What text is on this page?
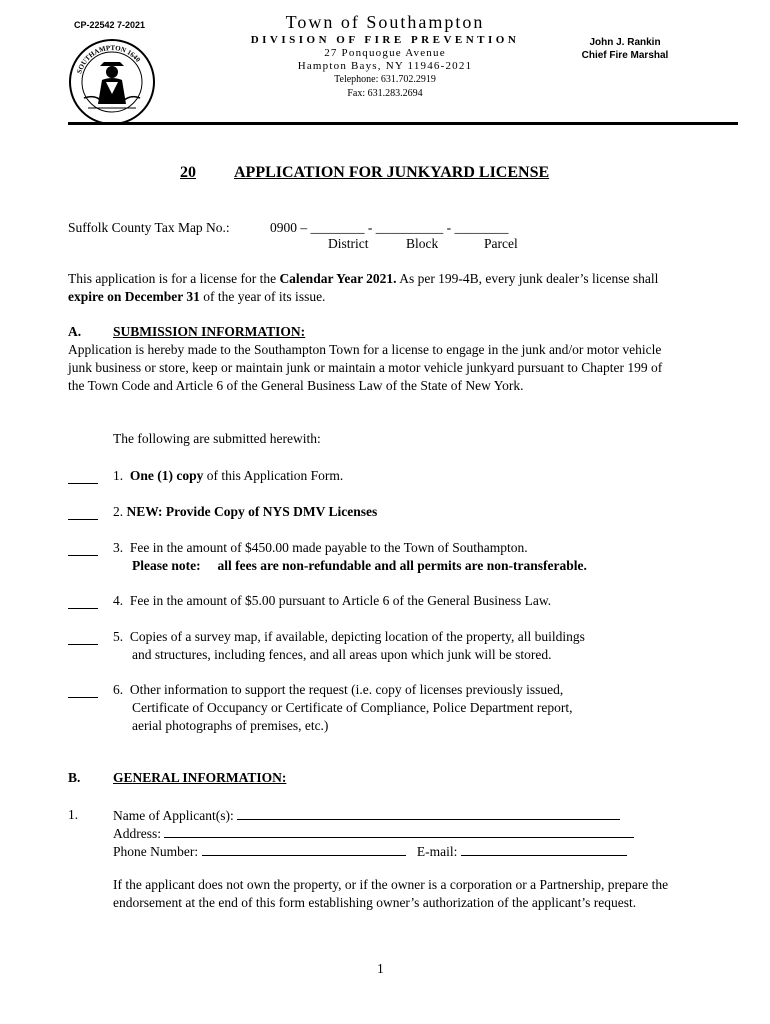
CP-22542 7-2021
SOUTHAMPTON 1640
Town of Southampton
DIVISION OF FIRE PREVENTION
27 Ponquogue Avenue
Hampton Bays, NY 11946-2021
Telephone: 631.702.2919
Fax: 631.283.2694
John J. Rankin
Chief Fire Marshal
20 APPLICATION FOR JUNKYARD LICENSE
Suffolk County Tax Map No.:	0900 – ________ - __________ - ________
District	Block	Parcel
This application is for a license for the Calendar Year 2021. As per 199-4B, every junk dealer’s license shall expire on December 31 of the year of its issue.
A. SUBMISSION INFORMATION:
Application is hereby made to the Southampton Town for a license to engage in the junk and/or motor vehicle junk business or store, keep or maintain junk or maintain a motor vehicle junkyard pursuant to Chapter 199 of the Town Code and Article 6 of the General Business Law of the State of New York.
The following are submitted herewith:
1. One (1) copy of this Application Form.
2. NEW: Provide Copy of NYS DMV Licenses
3. Fee in the amount of $450.00 made payable to the Town of Southampton.
Please note:     all fees are non-refundable and all permits are non-transferable.
4. Fee in the amount of $5.00 pursuant to Article 6 of the General Business Law.
5. Copies of a survey map, if available, depicting location of the property, all buildings
and structures, including fences, and all areas upon which junk will be stored.
6. Other information to support the request (i.e. copy of licenses previously issued,
Certificate of Occupancy or Certificate of Compliance, Police Department report,
aerial photographs of premises, etc.)
B. GENERAL INFORMATION:
1.	Name of Applicant(s):
Address:
Phone Number:	E-mail:
If the applicant does not own the property, or if the owner is a corporation or a Partnership, prepare the endorsement at the end of this form establishing owner’s authorization of the applicant’s request.
1
